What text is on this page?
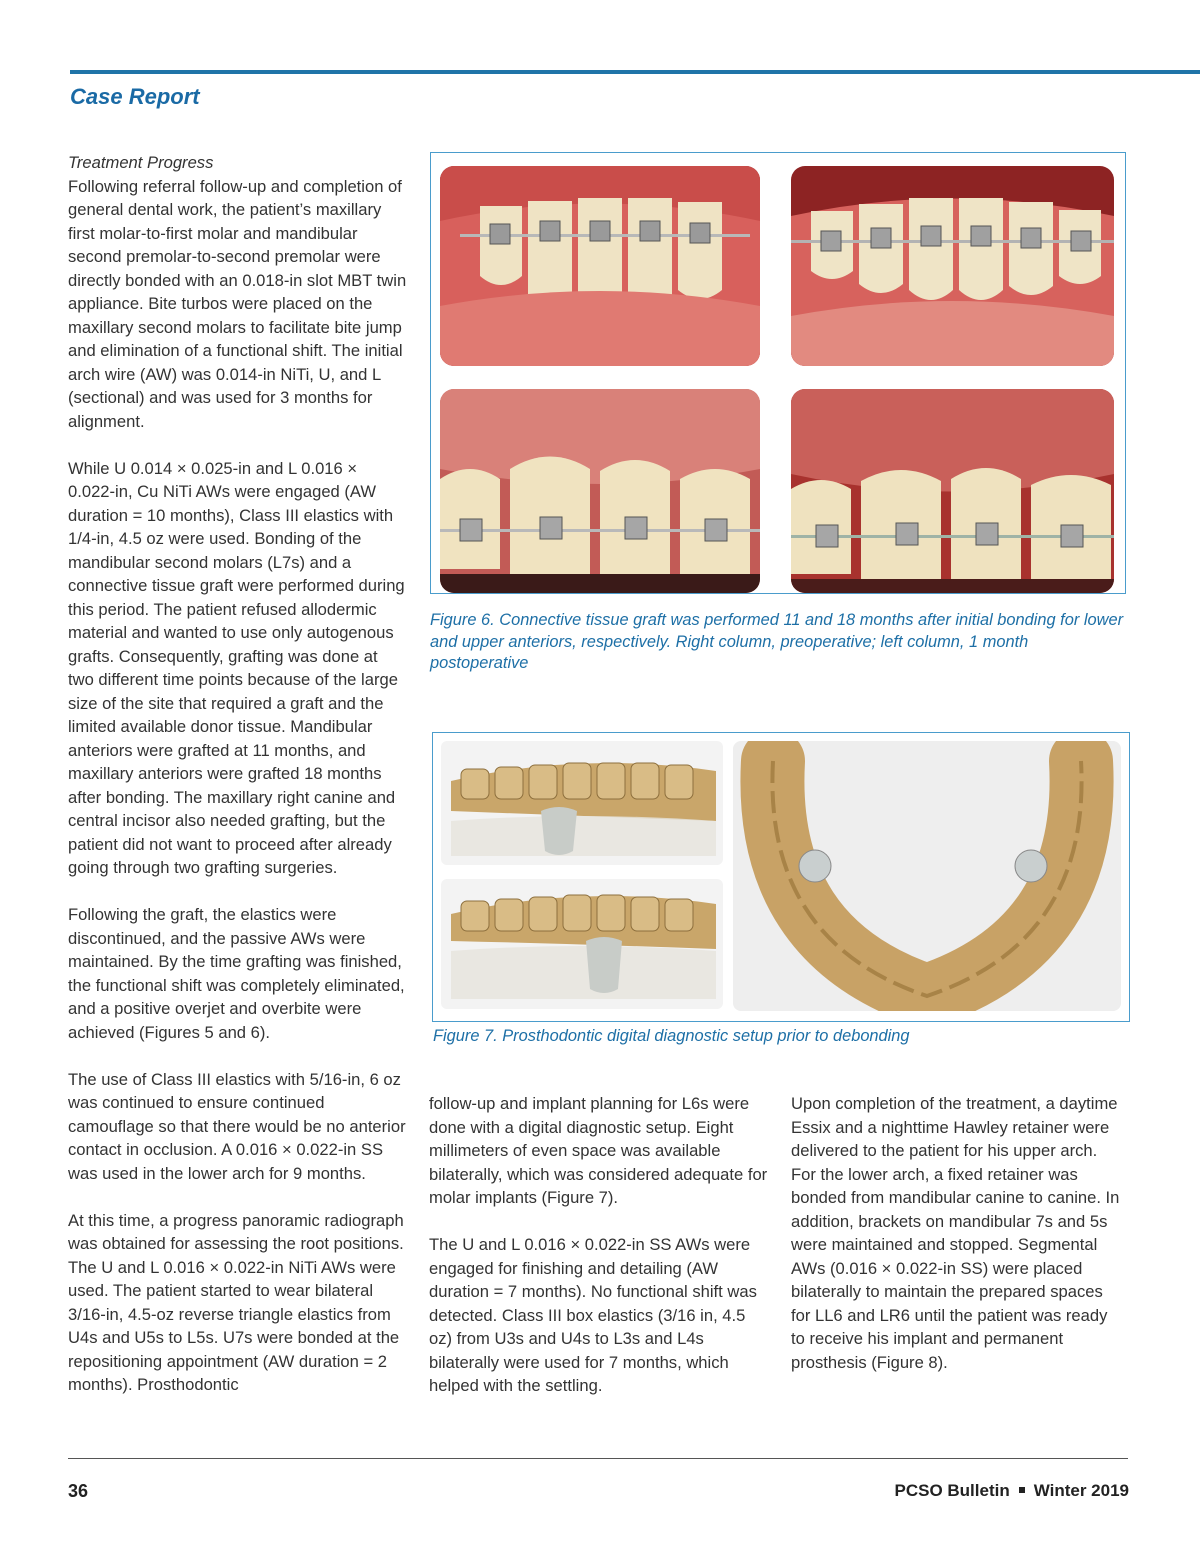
Case Report
Treatment Progress

Following referral follow-up and completion of general dental work, the patient’s maxillary first molar-to-first molar and mandibular second premolar-to-second premolar were directly bonded with an 0.018-in slot MBT twin appliance. Bite turbos were placed on the maxillary second molars to facilitate bite jump and elimination of a functional shift. The initial arch wire (AW) was 0.014-in NiTi, U, and L (sectional) and was used for 3 months for alignment.

While U 0.014 × 0.025-in and L 0.016 × 0.022-in, Cu NiTi AWs were engaged (AW duration = 10 months), Class III elastics with 1/4-in, 4.5 oz were used. Bonding of the mandibular second molars (L7s) and a connective tissue graft were performed during this period. The patient refused allodermic material and wanted to use only autogenous grafts. Consequently, grafting was done at two different time points because of the large size of the site that required a graft and the limited available donor tissue. Mandibular anteriors were grafted at 11 months, and maxillary anteriors were grafted 18 months after bonding. The maxillary right canine and central incisor also needed grafting, but the patient did not want to proceed after already going through two grafting surgeries.

Following the graft, the elastics were discontinued, and the passive AWs were maintained. By the time grafting was finished, the functional shift was completely eliminated, and a positive overjet and overbite were achieved (Figures 5 and 6).

The use of Class III elastics with 5/16-in, 6 oz was continued to ensure continued camouflage so that there would be no anterior contact in occlusion. A 0.016 × 0.022-in SS was used in the lower arch for 9 months.

At this time, a progress panoramic radiograph was obtained for assessing the root positions. The U and L 0.016 × 0.022-in NiTi AWs were used. The patient started to wear bilateral 3/16-in, 4.5-oz reverse triangle elastics from U4s and U5s to L5s. U7s were bonded at the repositioning appointment (AW duration = 2 months). Prosthodontic

Figure 6. Connective tissue graft was performed 11 and 18 months after initial bonding for lower and upper anteriors, respectively. Right column, preoperative; left column, 1 month postoperative
Figure 7. Prosthodontic digital diagnostic setup prior to debonding

follow-up and implant planning for L6s were done with a digital diagnostic setup. Eight millimeters of even space was available bilaterally, which was considered adequate for molar implants (Figure 7).

The U and L 0.016 × 0.022-in SS AWs were engaged for finishing and detailing (AW duration = 7 months). No functional shift was detected. Class III box elastics (3/16 in, 4.5 oz) from U3s and U4s to L3s and L4s bilaterally were used for 7 months, which helped with the settling.

Upon completion of the treatment, a daytime Essix and a nighttime Hawley retainer were delivered to the patient for his upper arch. For the lower arch, a fixed retainer was bonded from mandibular canine to canine. In addition, brackets on mandibular 7s and 5s were maintained and stopped. Segmental AWs (0.016 × 0.022-in SS) were placed bilaterally to maintain the prepared spaces for LL6 and LR6 until the patient was ready to receive his implant and permanent prosthesis (Figure 8).

36	PCSO Bulletin Winter 2019
